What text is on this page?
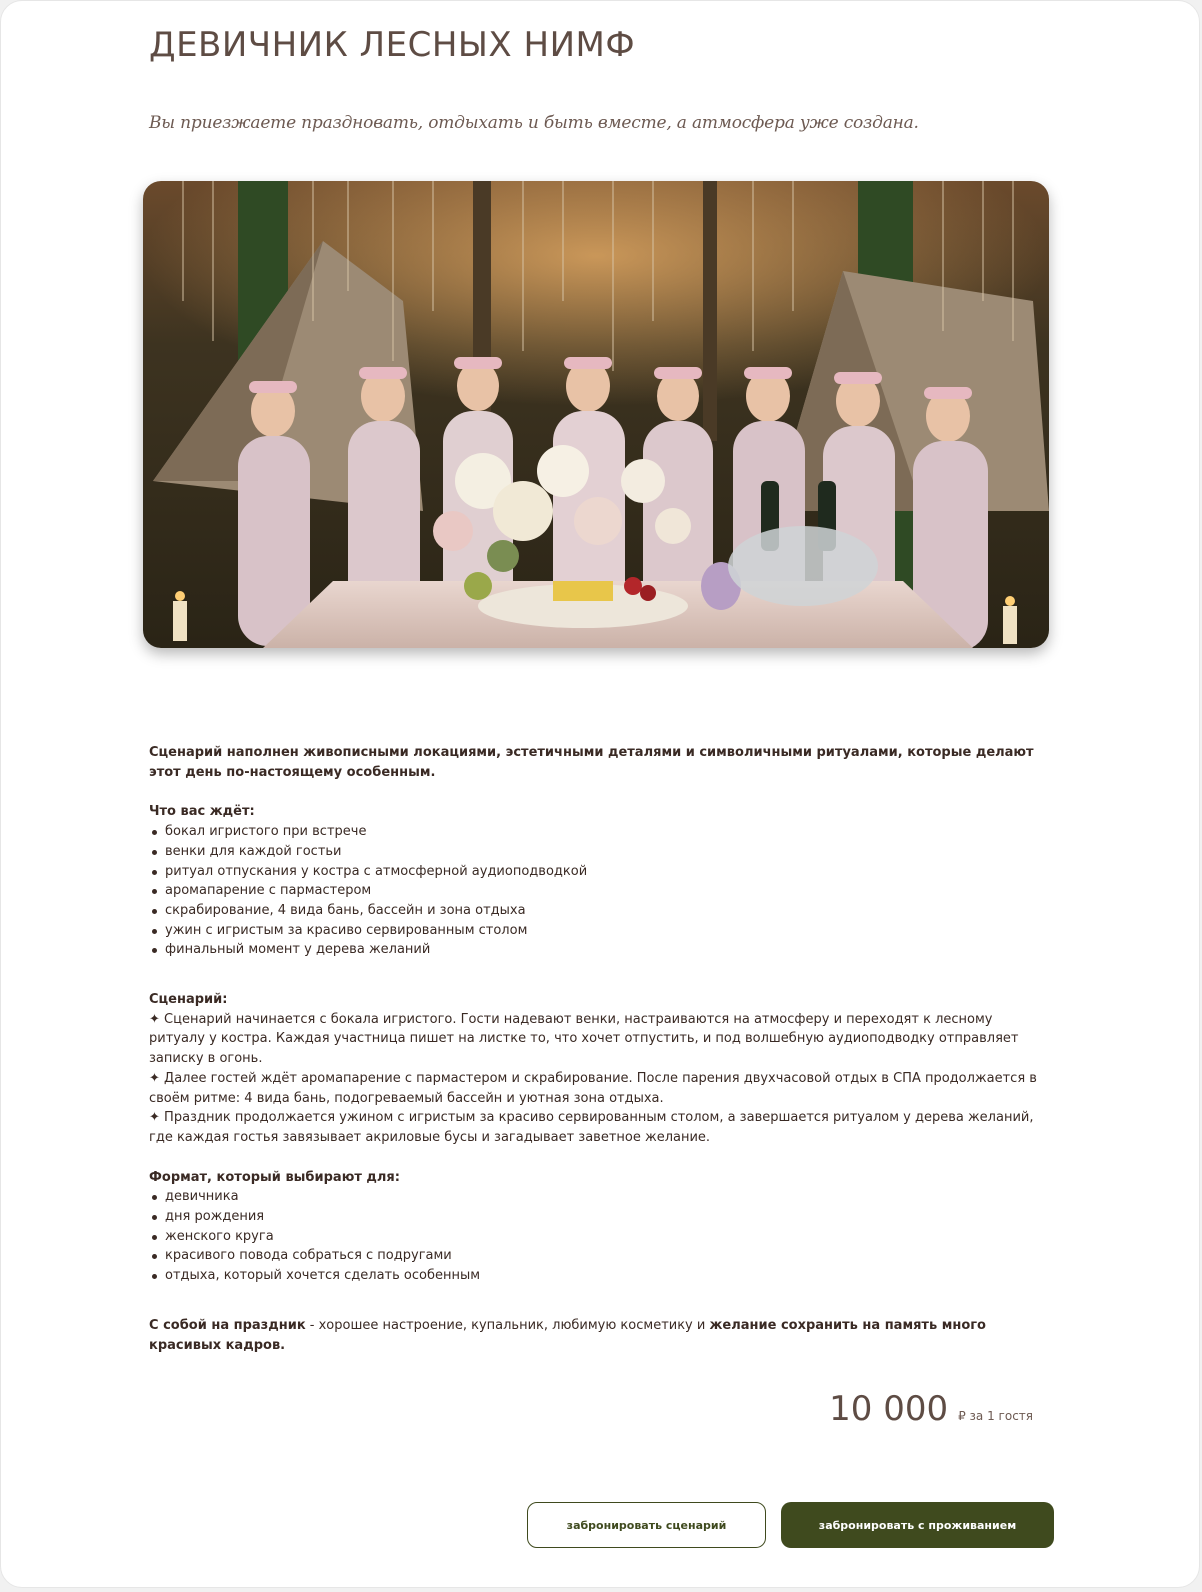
ДЕВИЧНИК ЛЕСНЫХ НИМФ

Вы приезжаете праздновать, отдыхать и быть вместе, а атмосфера уже создана.

Сценарий наполнен живописными локациями, эстетичными деталями и символичными ритуалами, которые делают этот день по-настоящему особенным.

Что вас ждёт:

бокал игристого при встрече
венки для каждой гостьи
ритуал отпускания у костра с атмосферной аудиоподводкой
аромапарение с пармастером
скрабирование, 4 вида бань, бассейн и зона отдыха
ужин с игристым за красиво сервированным столом
финальный момент у дерева желаний

Сценарий:

✦ Сценарий начинается с бокала игристого. Гости надевают венки, настраиваются на атмосферу и переходят к лесному ритуалу у костра. Каждая участница пишет на листке то, что хочет отпустить, и под волшебную аудиоподводку отправляет записку в огонь.

✦ Далее гостей ждёт аромапарение с пармастером и скрабирование. После парения двухчасовой отдых в СПА продолжается в своём ритме: 4 вида бань, подогреваемый бассейн и уютная зона отдыха.

✦ Праздник продолжается ужином с игристым за красиво сервированным столом, а завершается ритуалом у дерева желаний, где каждая гостья завязывает акриловые бусы и загадывает заветное желание.

Формат, который выбирают для:

девичника
дня рождения
женского круга
красивого повода собраться с подругами
отдыха, который хочется сделать особенным

С собой на праздник - хорошее настроение, купальник, любимую косметику и желание сохранить на память много красивых кадров.

10 000 ₽ за 1 гостя
забронировать сценарий	забронировать с проживанием
